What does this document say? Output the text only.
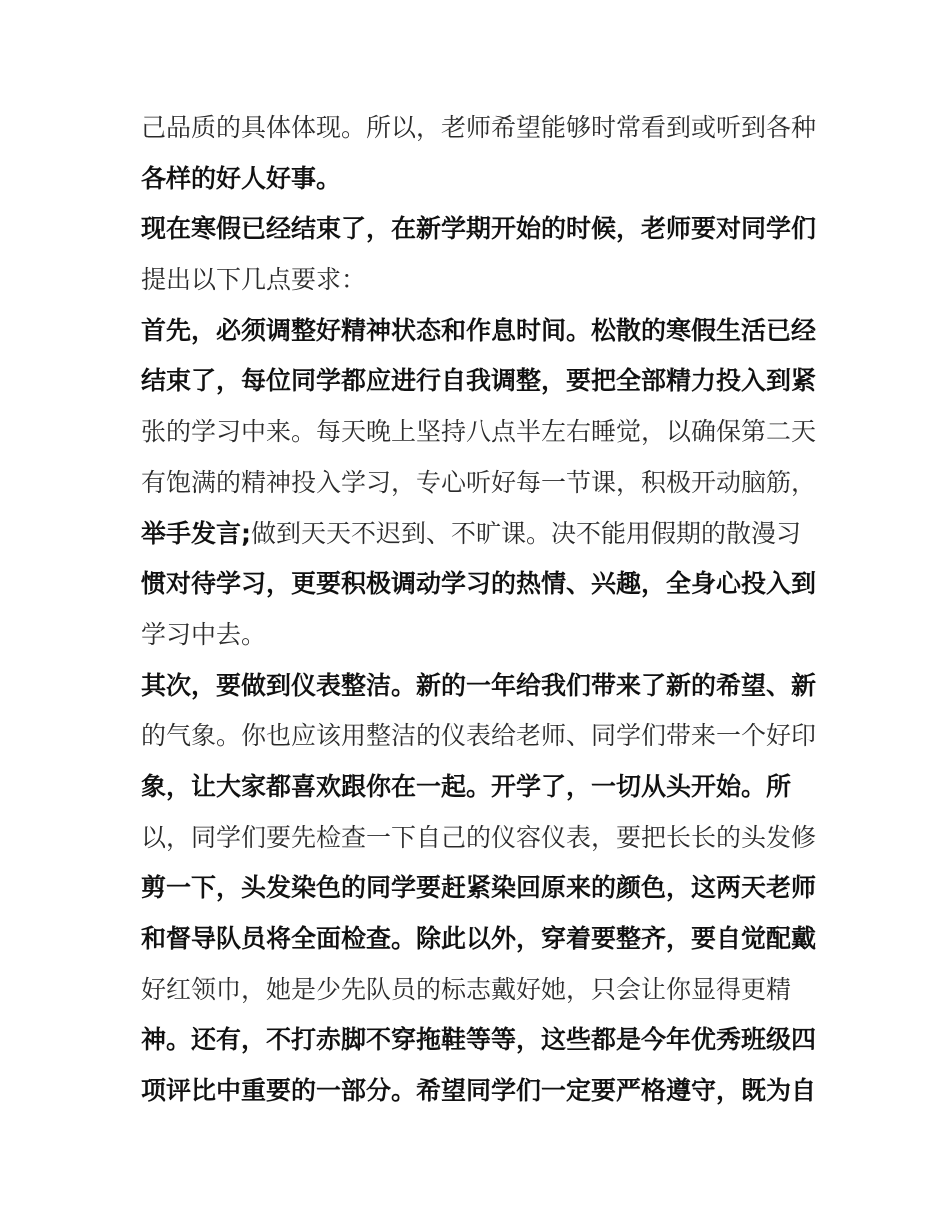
己品质的具体体现。所以，老师希望能够时常看到或听到各种
各样的好人好事。
现在寒假已经结束了，在新学期开始的时候，老师要对同学们
提出以下几点要求：
首先，必须调整好精神状态和作息时间。松散的寒假生活已经
结束了，每位同学都应进行自我调整，要把全部精力投入到紧
张的学习中来。每天晚上坚持八点半左右睡觉，以确保第二天
有饱满的精神投入学习，专心听好每一节课，积极开动脑筋，
举手发言;做到天天不迟到、不旷课。决不能用假期的散漫习
惯对待学习，更要积极调动学习的热情、兴趣，全身心投入到
学习中去。
其次，要做到仪表整洁。新的一年给我们带来了新的希望、新
的气象。你也应该用整洁的仪表给老师、同学们带来一个好印
象，让大家都喜欢跟你在一起。开学了，一切从头开始。所
以，同学们要先检查一下自己的仪容仪表，要把长长的头发修
剪一下，头发染色的同学要赶紧染回原来的颜色，这两天老师
和督导队员将全面检查。除此以外，穿着要整齐，要自觉配戴
好红领巾，她是少先队员的标志戴好她，只会让你显得更精
神。还有，不打赤脚不穿拖鞋等等，这些都是今年优秀班级四
项评比中重要的一部分。希望同学们一定要严格遵守，既为自
